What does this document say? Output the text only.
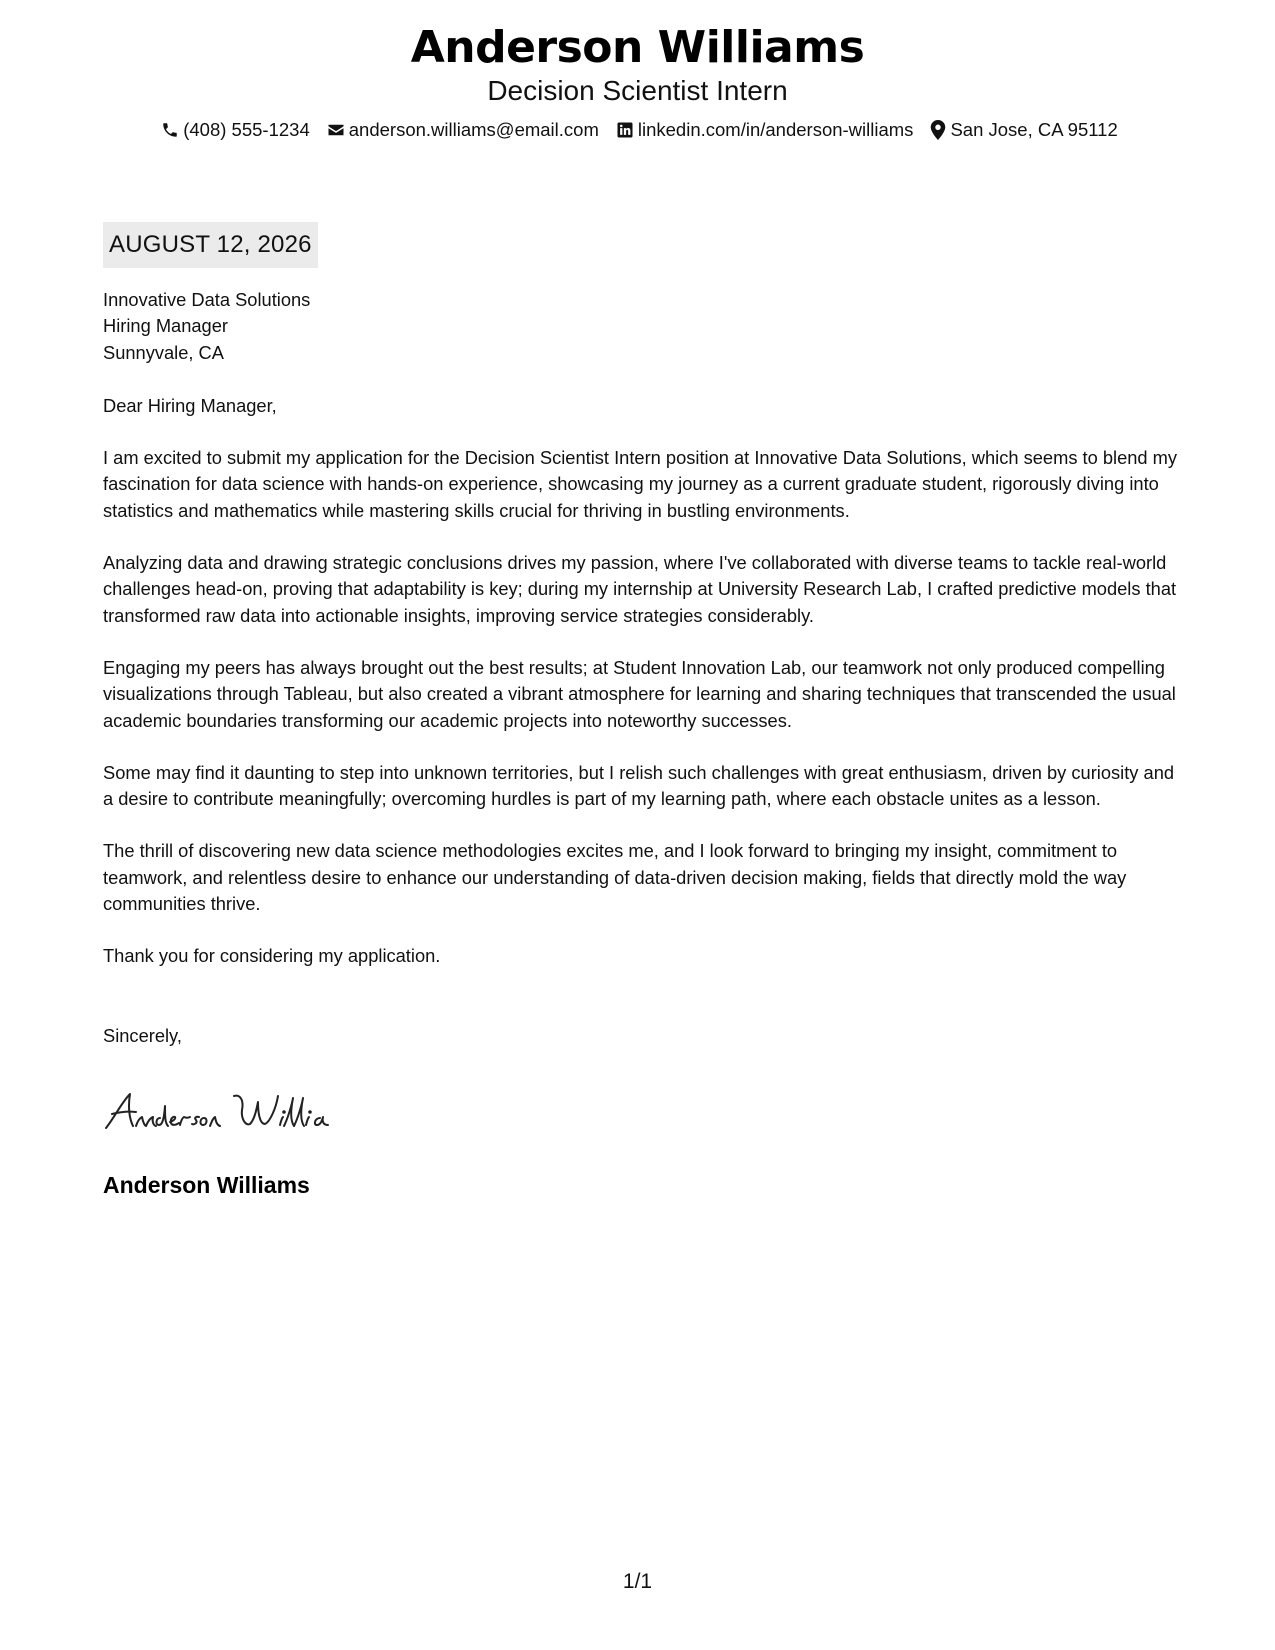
Anderson Williams
Decision Scientist Intern
(408) 555-1234 anderson.williams@email.com linkedin.com/in/anderson-williams San Jose, CA 95112
AUGUST 12, 2026
Innovative Data Solutions
Hiring Manager
Sunnyvale, CA
Dear Hiring Manager,
I am excited to submit my application for the Decision Scientist Intern position at Innovative Data Solutions, which seems to blend my fascination for data science with hands-on experience, showcasing my journey as a current graduate student, rigorously diving into statistics and mathematics while mastering skills crucial for thriving in bustling environments.
Analyzing data and drawing strategic conclusions drives my passion, where I've collaborated with diverse teams to tackle real-world challenges head-on, proving that adaptability is key; during my internship at University Research Lab, I crafted predictive models that transformed raw data into actionable insights, improving service strategies considerably.
Engaging my peers has always brought out the best results; at Student Innovation Lab, our teamwork not only produced compelling visualizations through Tableau, but also created a vibrant atmosphere for learning and sharing techniques that transcended the usual academic boundaries transforming our academic projects into noteworthy successes.
Some may find it daunting to step into unknown territories, but I relish such challenges with great enthusiasm, driven by curiosity and a desire to contribute meaningfully; overcoming hurdles is part of my learning path, where each obstacle unites as a lesson.
The thrill of discovering new data science methodologies excites me, and I look forward to bringing my insight, commitment to teamwork, and relentless desire to enhance our understanding of data-driven decision making, fields that directly mold the way communities thrive.
Thank you for considering my application.
Sincerely,
Anderson Williams
1/1
